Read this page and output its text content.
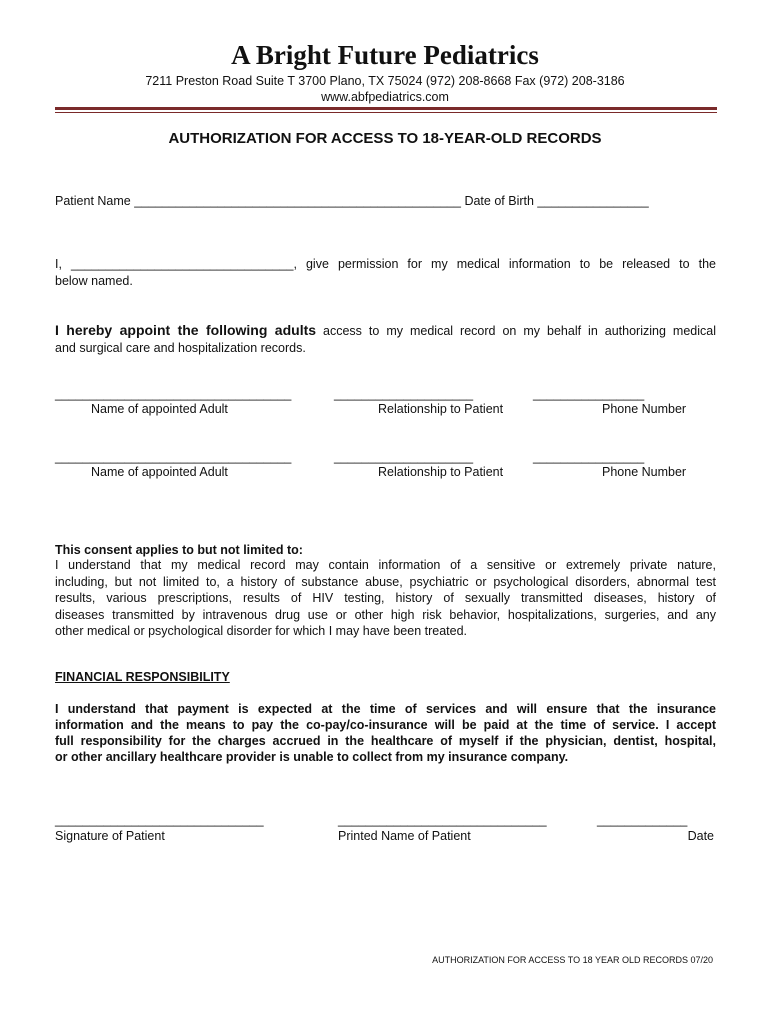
A Bright Future Pediatrics
7211 Preston Road Suite T 3700 Plano, TX 75024 (972) 208-8668 Fax (972) 208-3186
www.abfpediatrics.com
AUTHORIZATION FOR ACCESS TO 18-YEAR-OLD RECORDS
Patient Name _______________________________________________ Date of Birth ________________
I, ________________________________, give permission for my medical information to be released to the
below named.
I hereby appoint the following adults access to my medical record on my behalf in authorizing medical
and surgical care and hospitalization records.
__________________________________	____________________	________________
Name of appointed Adult	Relationship to Patient	Phone Number
__________________________________	____________________	________________
Name of appointed Adult	Relationship to Patient	Phone Number
This consent applies to but not limited to:
I understand that my medical record may contain information of a sensitive or extremely private nature,
including, but not limited to, a history of substance abuse, psychiatric or psychological disorders, abnormal test
results, various prescriptions, results of HIV testing, history of sexually transmitted diseases, history of
diseases transmitted by intravenous drug use or other high risk behavior, hospitalizations, surgeries, and any
other medical or psychological disorder for which I may have been treated.
FINANCIAL RESPONSIBILITY
I understand that payment is expected at the time of services and will ensure that the insurance
information and the means to pay the co-pay/co-insurance will be paid at the time of service. I accept
full responsibility for the charges accrued in the healthcare of myself if the physician, dentist, hospital,
or other ancillary healthcare provider is unable to collect from my insurance company.
______________________________	______________________________	_____________
Signature of Patient	Printed Name of Patient	Date
AUTHORIZATION FOR ACCESS TO 18 YEAR OLD RECORDS 07/20
